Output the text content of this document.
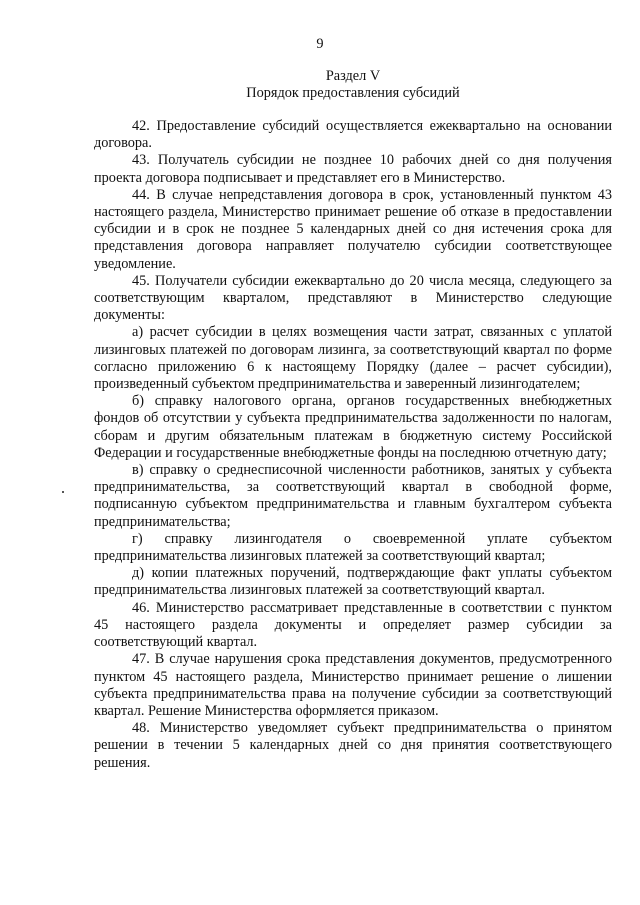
9
Раздел V
Порядок предоставления субсидий

42. Предоставление субсидий осуществляется ежеквартально на основании договора.

43. Получатель субсидии не позднее 10 рабочих дней со дня получения проекта договора подписывает и представляет его в Министерство.

44. В случае непредставления договора в срок, установленный пунктом 43 настоящего раздела, Министерство принимает решение об отказе в предоставлении субсидии и в срок не позднее 5 календарных дней со дня истечения срока для представления договора направляет получателю субсидии соответствующее уведомление.

45. Получатели субсидии ежеквартально до 20 числа месяца, следующего за соответствующим кварталом, представляют в Министерство следующие документы:

а) расчет субсидии в целях возмещения части затрат, связанных с уплатой лизинговых платежей по договорам лизинга, за соответствующий квартал по форме согласно приложению 6 к настоящему Порядку (далее – расчет субсидии), произведенный субъектом предпринимательства и заверенный лизингодателем;

б) справку налогового органа, органов государственных внебюджетных фондов об отсутствии у субъекта предпринимательства задолженности по налогам, сборам и другим обязательным платежам в бюджетную систему Российской Федерации и государственные внебюджетные фонды на последнюю отчетную дату;

в) справку о среднесписочной численности работников, занятых у субъекта предпринимательства, за соответствующий квартал в свободной форме, подписанную субъектом предпринимательства и главным бухгалтером субъекта предпринимательства;

г) справку лизингодателя о своевременной уплате субъектом предпринимательства лизинговых платежей за соответствующий квартал;

д) копии платежных поручений, подтверждающие факт уплаты субъектом предпринимательства лизинговых платежей за соответствующий квартал.

46. Министерство рассматривает представленные в соответствии с пунктом 45 настоящего раздела документы и определяет размер субсидии за соответствующий квартал.

47. В случае нарушения срока представления документов, предусмотренного пунктом 45 настоящего раздела, Министерство принимает решение о лишении субъекта предпринимательства права на получение субсидии за соответствующий квартал. Решение Министерства оформляется приказом.

48. Министерство уведомляет субъект предпринимательства о принятом решении в течении 5 календарных дней со дня принятия соответствующего решения.
